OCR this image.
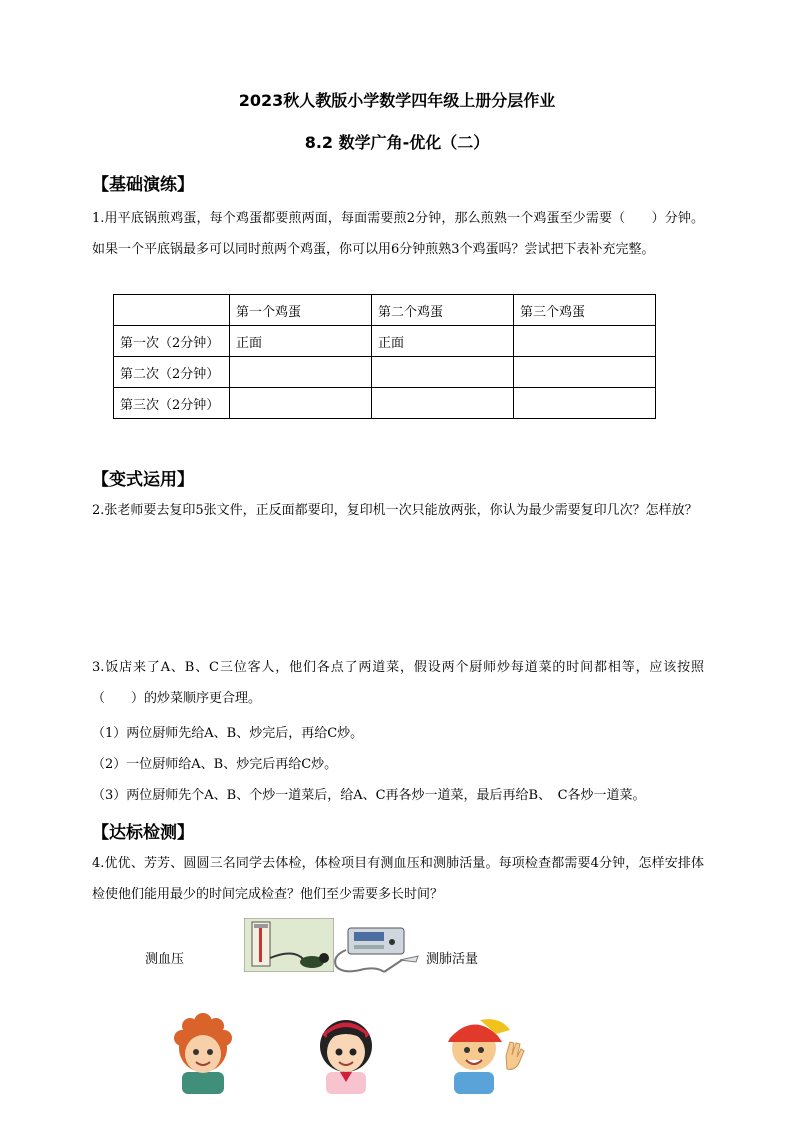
2023秋人教版小学数学四年级上册分层作业
8.2 数学广角-优化（二）
【基础演练】
1.用平底锅煎鸡蛋，每个鸡蛋都要煎两面，每面需要煎2分钟，那么煎熟一个鸡蛋至少需要（　　）分钟。如果一个平底锅最多可以同时煎两个鸡蛋，你可以用6分钟煎熟3个鸡蛋吗？尝试把下表补充完整。
	第一个鸡蛋	第二个鸡蛋	第三个鸡蛋
第一次（2分钟）	正面	正面	
第二次（2分钟）			
第三次（2分钟）			
【变式运用】
2.张老师要去复印5张文件，正反面都要印，复印机一次只能放两张，你认为最少需要复印几次？怎样放？
3.饭店来了A、B、C三位客人，他们各点了两道菜，假设两个厨师炒每道菜的时间都相等，应该按照（　　）的炒菜顺序更合理。
（1）两位厨师先给A、B、炒完后，再给C炒。
（2）一位厨师给A、B、炒完后再给C炒。
（3）两位厨师先个A、B、个炒一道菜后，给A、C再各炒一道菜，最后再给B、　C各炒一道菜。
【达标检测】
4.优优、芳芳、圆圆三名同学去体检，体检项目有测血压和测肺活量。每项检查都需要4分钟，怎样安排体检使他们能用最少的时间完成检查？他们至少需要多长时间？
测血压	测肺活量
